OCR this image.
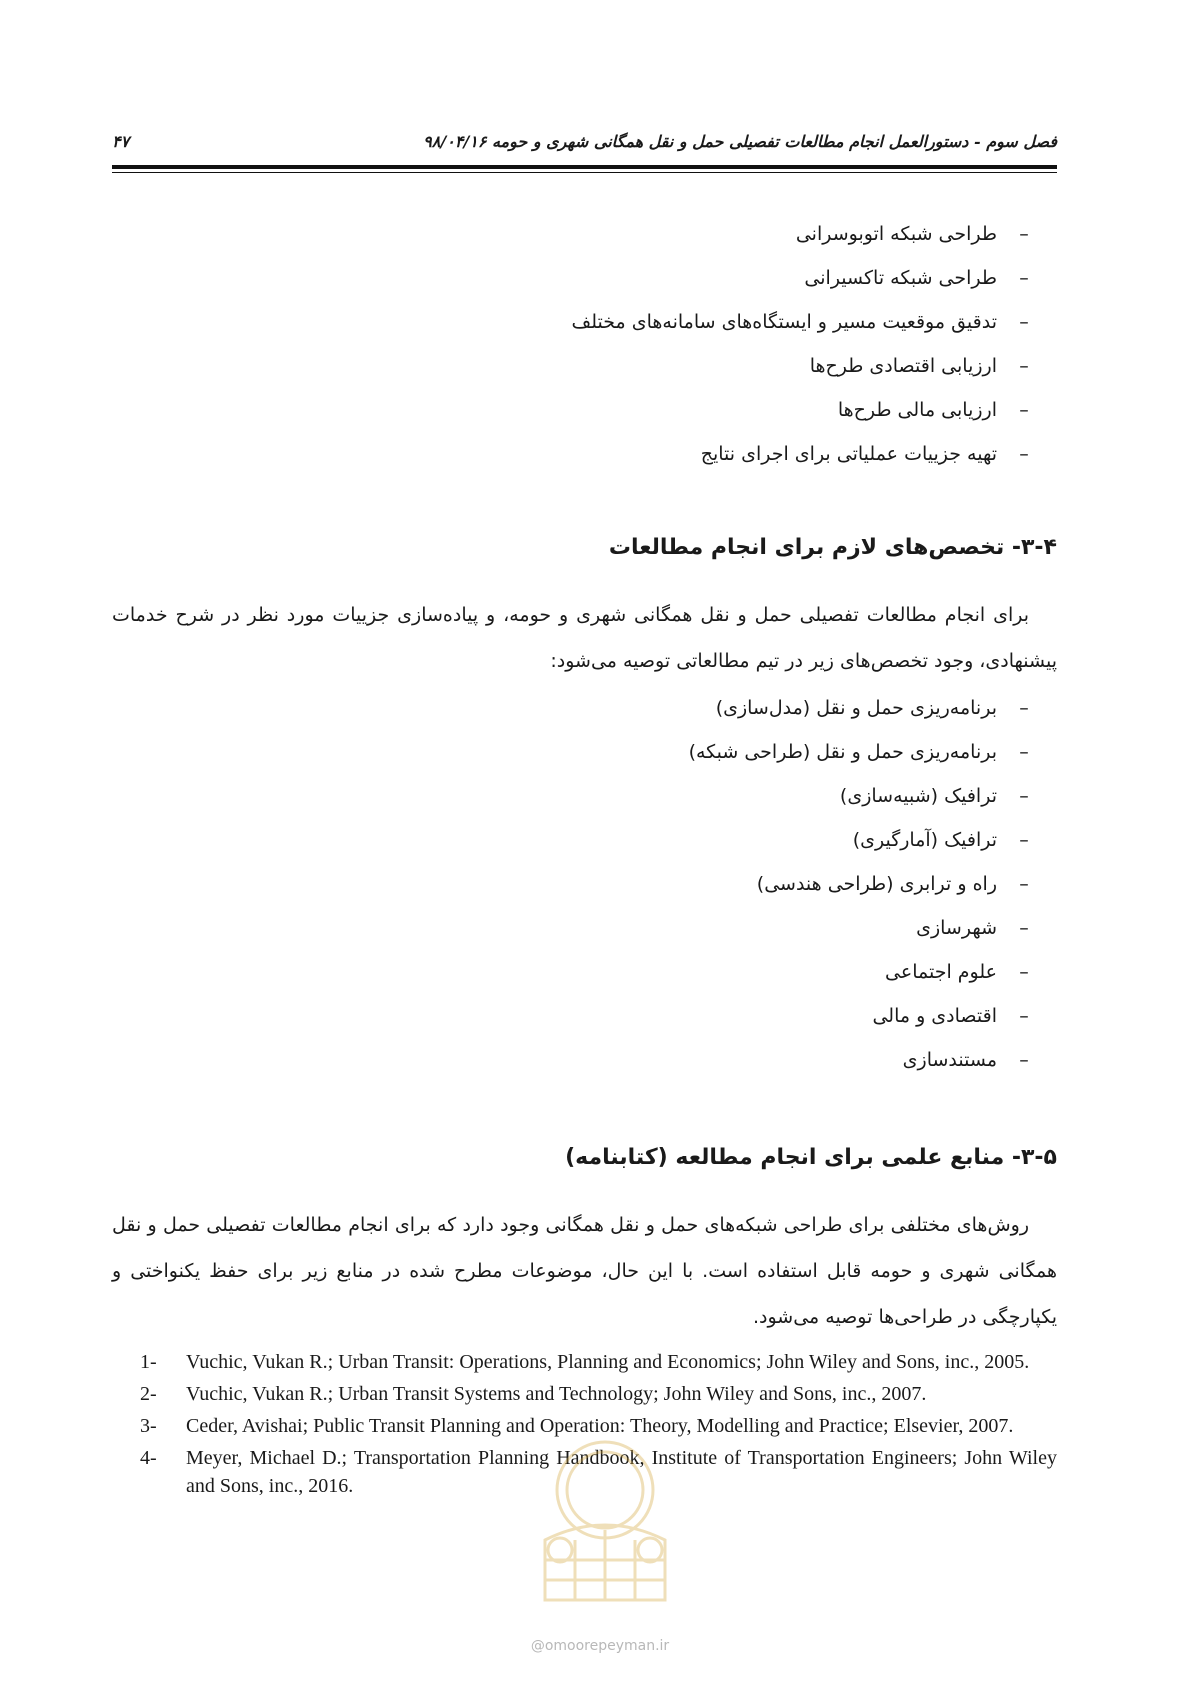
فصل سوم - دستورالعمل انجام مطالعات تفصیلی حمل و نقل همگانی شهری و حومه ۹۸/۰۴/۱۶
۴۷
–طراحی شبکه اتوبوسرانی
–طراحی شبکه تاکسیرانی
–تدقیق موقعیت مسیر و ایستگاه‌های سامانه‌های مختلف
–ارزیابی اقتصادی طرح‌ها
–ارزیابی مالی طرح‌ها
–تهیه جزییات عملیاتی برای اجرای نتایج
۳-۴- تخصص‌های لازم برای انجام مطالعات

برای انجام مطالعات تفصیلی حمل و نقل همگانی شهری و حومه، و پیاده‌سازی جزییات مورد نظر در شرح خدمات پیشنهادی، وجود تخصص‌های زیر در تیم مطالعاتی توصیه می‌شود:

–برنامه‌ریزی حمل و نقل (مدل‌سازی)
–برنامه‌ریزی حمل و نقل (طراحی شبکه)
–ترافیک (شبیه‌سازی)
–ترافیک (آمارگیری)
–راه و ترابری (طراحی هندسی)
–شهرسازی
–علوم اجتماعی
–اقتصادی و مالی
–مستندسازی
۳-۵- منابع علمی برای انجام مطالعه (کتابنامه)

روش‌های مختلفی برای طراحی شبکه‌های حمل و نقل همگانی وجود دارد که برای انجام مطالعات تفصیلی حمل و نقل همگانی شهری و حومه قابل استفاده است. با این حال، موضوعات مطرح شده در منابع زیر برای حفظ یکنواختی و یکپارچگی در طراحی‌ها توصیه می‌شود.

1- Vuchic, Vukan R.; Urban Transit: Operations, Planning and Economics; John Wiley and Sons, inc., 2005.
2- Vuchic, Vukan R.; Urban Transit Systems and Technology; John Wiley and Sons, inc., 2007.
3- Ceder, Avishai; Public Transit Planning and Operation: Theory, Modelling and Practice; Elsevier, 2007.
4- Meyer, Michael D.; Transportation Planning Handbook, Institute of Transportation Engineers; John Wiley and Sons, inc., 2016.
@omoorepeyman.ir
